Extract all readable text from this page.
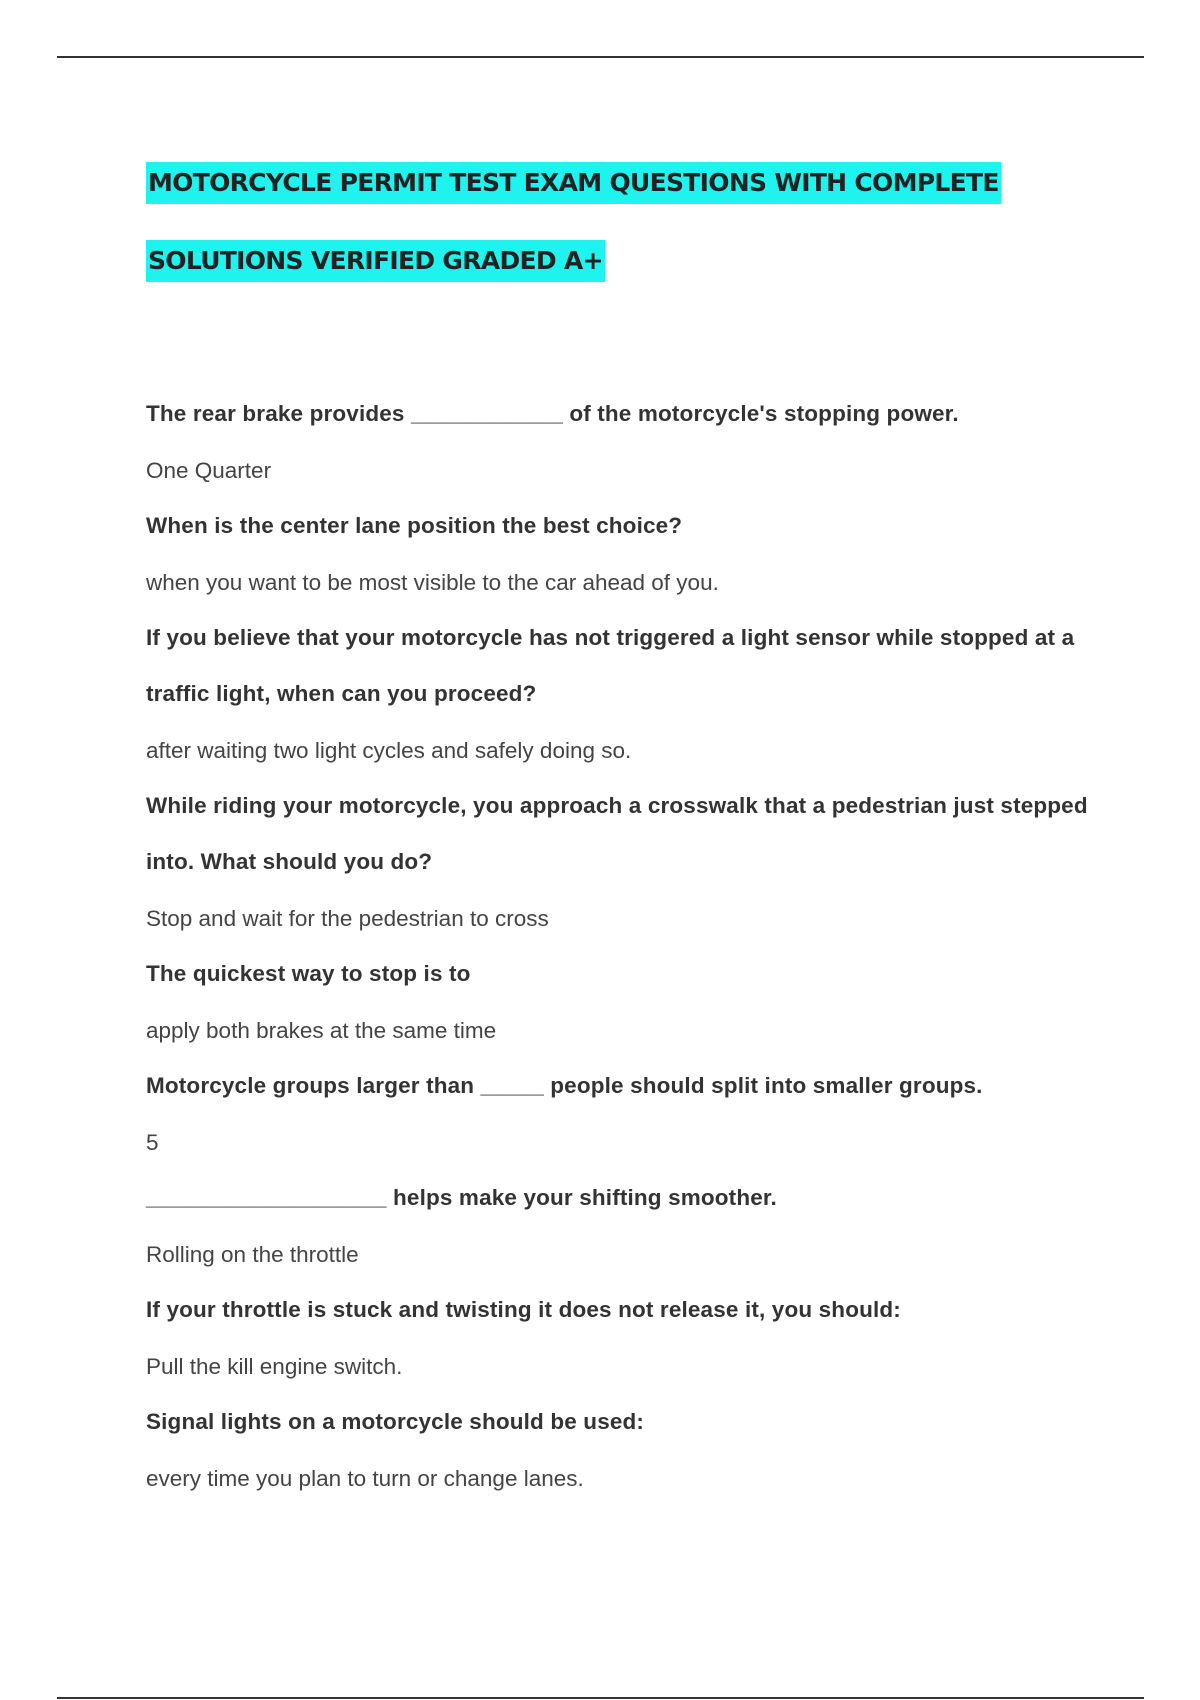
MOTORCYCLE PERMIT TEST EXAM QUESTIONS WITH COMPLETE SOLUTIONS VERIFIED GRADED A+

The rear brake provides ____________ of the motorcycle's stopping power.

One Quarter

When is the center lane position the best choice?

when you want to be most visible to the car ahead of you.

If you believe that your motorcycle has not triggered a light sensor while stopped at a traffic light, when can you proceed?

after waiting two light cycles and safely doing so.

While riding your motorcycle, you approach a crosswalk that a pedestrian just stepped into. What should you do?

Stop and wait for the pedestrian to cross

The quickest way to stop is to

apply both brakes at the same time

Motorcycle groups larger than _____ people should split into smaller groups.

5

___________________ helps make your shifting smoother.

Rolling on the throttle

If your throttle is stuck and twisting it does not release it, you should:

Pull the kill engine switch.

Signal lights on a motorcycle should be used:

every time you plan to turn or change lanes.
